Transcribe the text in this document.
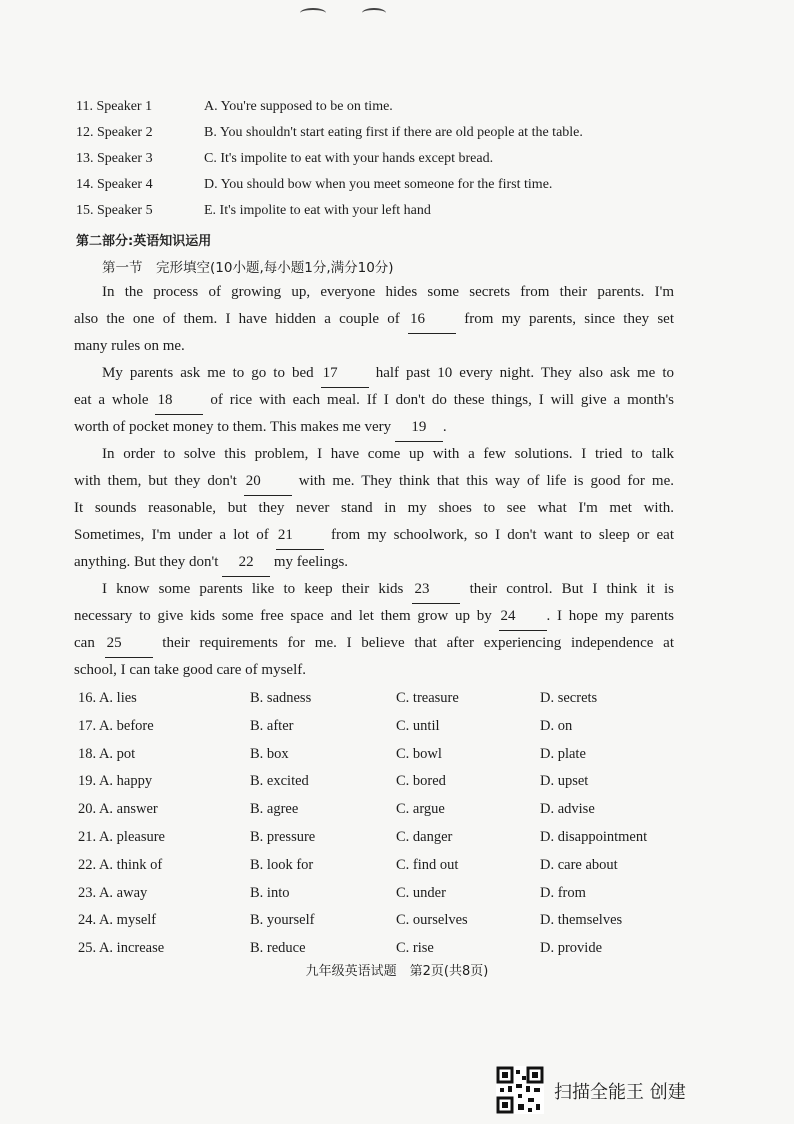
11. Speaker 1	A. You're supposed to be on time.
12. Speaker 2	B. You shouldn't start eating first if there are old people at the table.
13. Speaker 3	C. It's impolite to eat with your hands except bread.
14. Speaker 4	D. You should bow when you meet someone for the first time.
15. Speaker 5	E. It's impolite to eat with your left hand
第二部分:英语知识运用
第一节　完形填空(10小题,每小题1分,满分10分)
In the process of growing up, everyone hides some secrets from their parents. I'm
also the one of them. I have hidden a couple of 16 from my parents, since they set
many rules on me.
My parents ask me to go to bed 17 half past 10 every night. They also ask me to
eat a whole 18 of rice with each meal. If I don't do these things, I will give a month's
worth of pocket money to them. This makes me very 19 .
In order to solve this problem, I have come up with a few solutions. I tried to talk
with them, but they don't 20 with me. They think that this way of life is good for me.
It sounds reasonable, but they never stand in my shoes to see what I'm met with.
Sometimes, I'm under a lot of 21 from my schoolwork, so I don't want to sleep or eat
anything. But they don't 22 my feelings.
I know some parents like to keep their kids 23 their control. But I think it is
necessary to give kids some free space and let them grow up by 24 . I hope my parents
can 25 their requirements for me. I believe that after experiencing independence at
school, I can take good care of myself.
16. A. lies	B. sadness	C. treasure	D. secrets
17. A. before	B. after	C. until	D. on
18. A. pot	B. box	C. bowl	D. plate
19. A. happy	B. excited	C. bored	D. upset
20. A. answer	B. agree	C. argue	D. advise
21. A. pleasure	B. pressure	C. danger	D. disappointment
22. A. think of	B. look for	C. find out	D. care about
23. A. away	B. into	C. under	D. from
24. A. myself	B. yourself	C. ourselves	D. themselves
25. A. increase	B. reduce	C. rise	D. provide
九年级英语试题　第2页(共8页)
扫描全能王 创建
